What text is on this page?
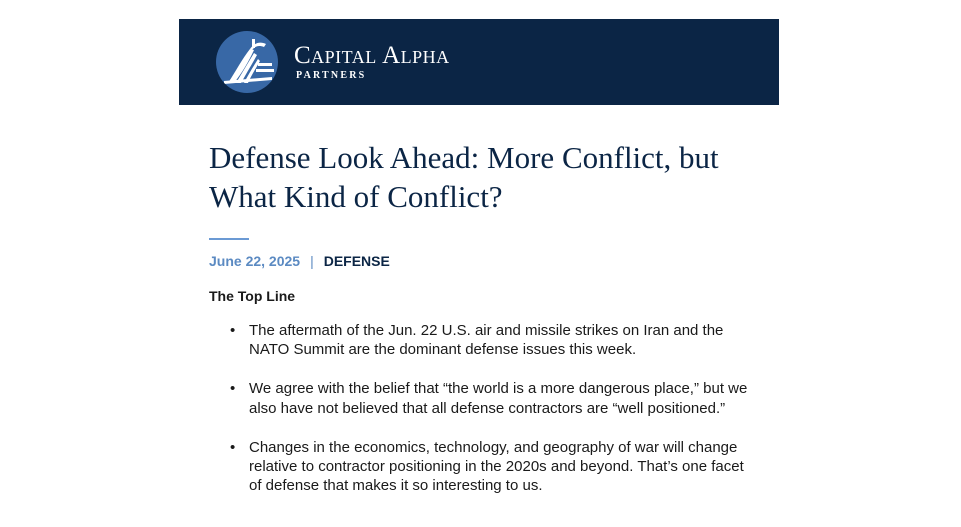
Capital Alpha
PARTNERS
Defense Look Ahead: More Conflict, but What Kind of Conflict?
June 22, 2025 | DEFENSE
The Top Line
• The aftermath of the Jun. 22 U.S. air and missile strikes on Iran and the NATO Summit are the dominant defense issues this week.
• We agree with the belief that “the world is a more dangerous place,” but we also have not believed that all defense contractors are “well positioned.”
• Changes in the economics, technology, and geography of war will change relative to contractor positioning in the 2020s and beyond. That’s one facet of defense that makes it so interesting to us.
